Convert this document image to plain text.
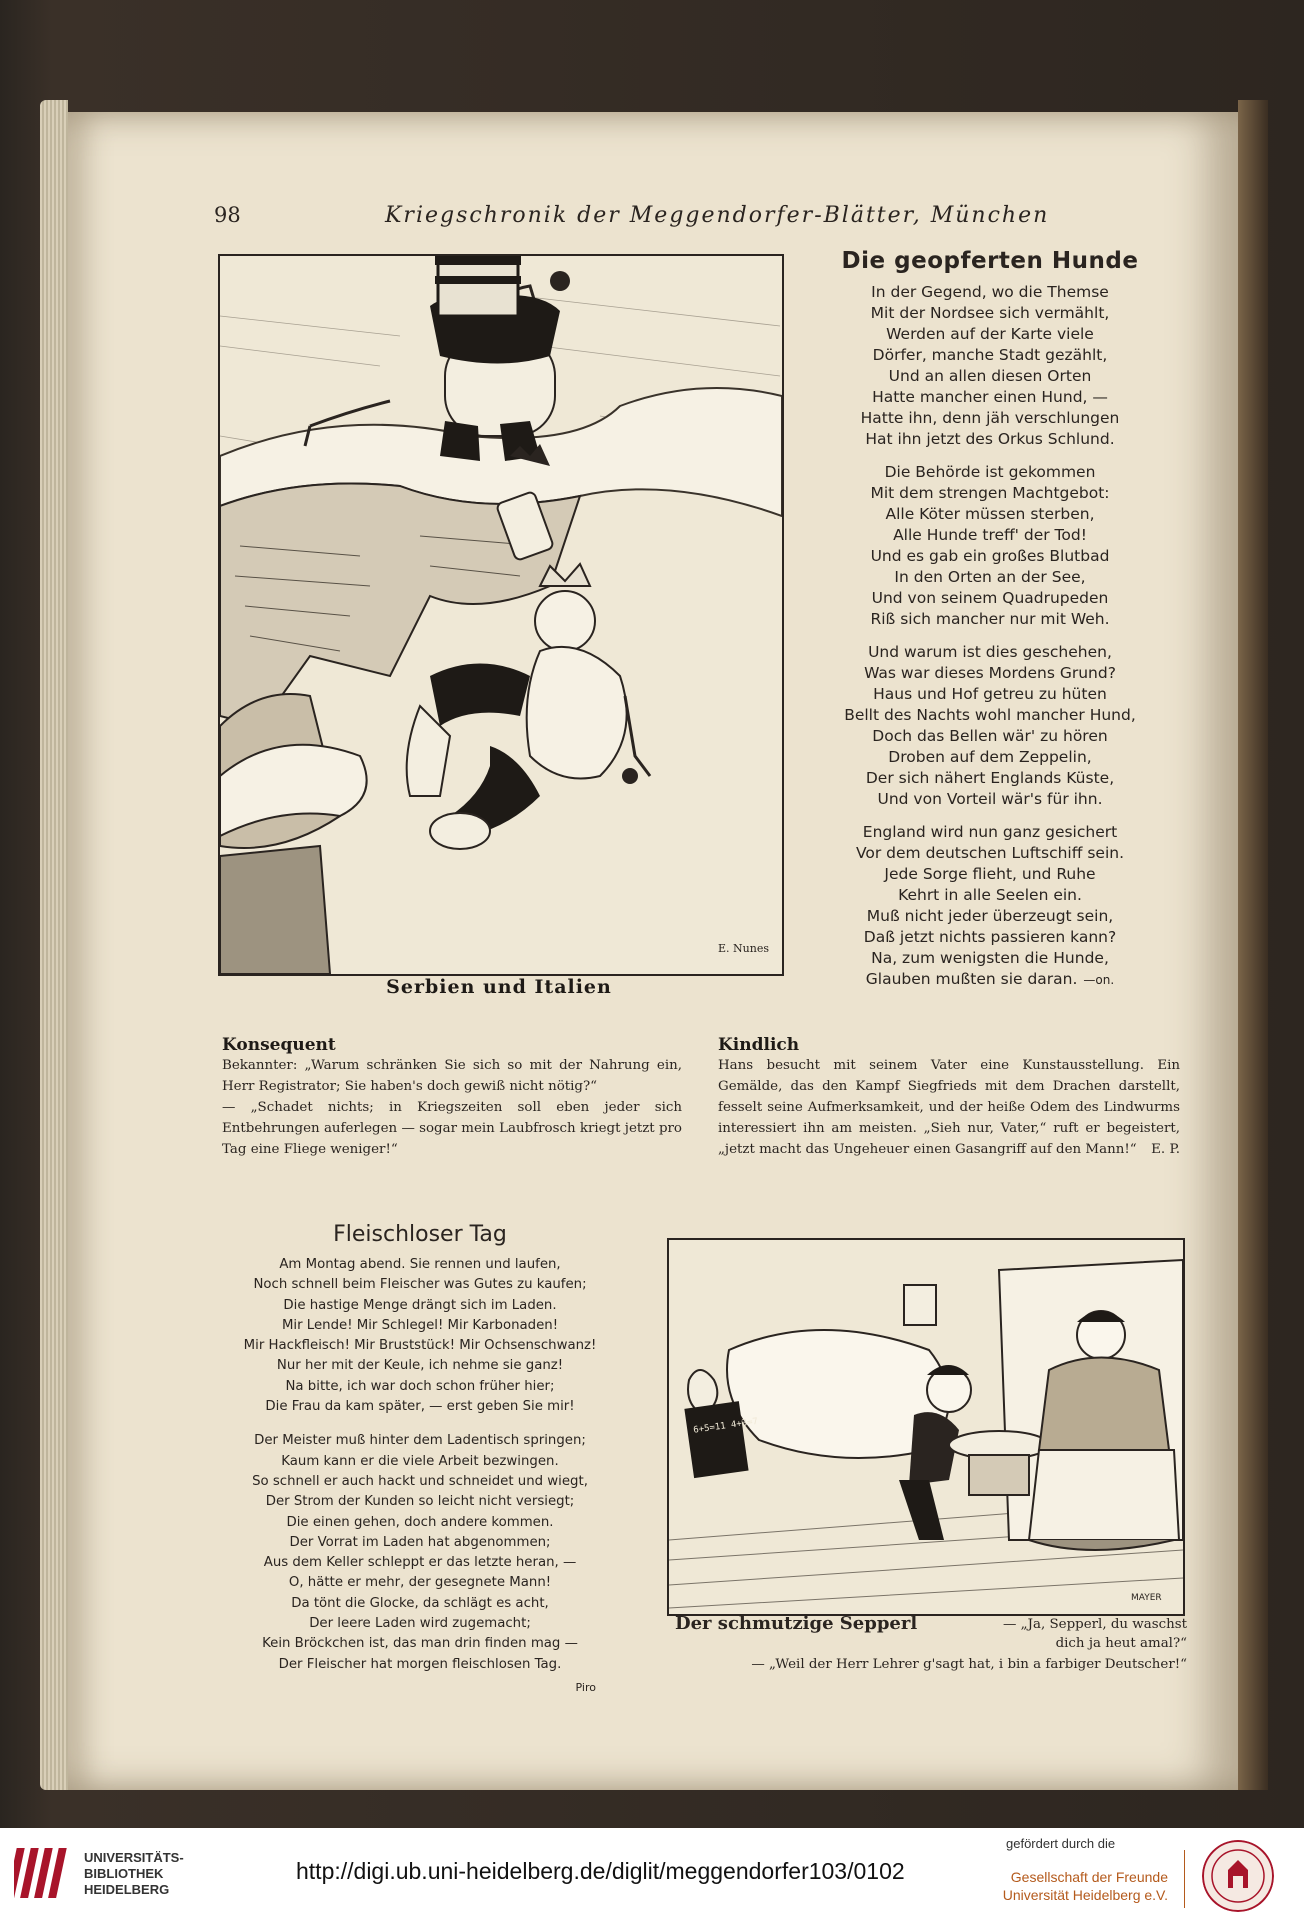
98	Kriegschronik der Meggendorfer-Blätter, München
E. Nunes
Serbien und Italien
Die geopferten Hunde
In der Gegend, wo die Themse
Mit der Nordsee sich vermählt,
Werden auf der Karte viele
Dörfer, manche Stadt gezählt,
Und an allen diesen Orten
Hatte mancher einen Hund, —
Hatte ihn, denn jäh verschlungen
Hat ihn jetzt des Orkus Schlund.
Die Behörde ist gekommen
Mit dem strengen Machtgebot:
Alle Köter müssen sterben,
Alle Hunde treff' der Tod!
Und es gab ein großes Blutbad
In den Orten an der See,
Und von seinem Quadrupeden
Riß sich mancher nur mit Weh.
Und warum ist dies geschehen,
Was war dieses Mordens Grund?
Haus und Hof getreu zu hüten
Bellt des Nachts wohl mancher Hund,
Doch das Bellen wär' zu hören
Droben auf dem Zeppelin,
Der sich nähert Englands Küste,
Und von Vorteil wär's für ihn.
England wird nun ganz gesichert
Vor dem deutschen Luftschiff sein.
Jede Sorge flieht, und Ruhe
Kehrt in alle Seelen ein.
Muß nicht jeder überzeugt sein,
Daß jetzt nichts passieren kann?
Na, zum wenigsten die Hunde,
Glauben mußten sie daran. —on.
Konsequent

Bekannter: „Warum schränken Sie sich so mit der Nahrung ein, Herr Registrator; Sie haben's doch gewiß nicht nötig?“

— „Schadet nichts; in Kriegszeiten soll eben jeder sich Entbehrungen auferlegen — sogar mein Laubfrosch kriegt jetzt pro Tag eine Fliege weniger!“

Kindlich

Hans besucht mit seinem Vater eine Kunstausstellung. Ein Gemälde, das den Kampf Siegfrieds mit dem Drachen darstellt, fesselt seine Aufmerksamkeit, und der heiße Odem des Lindwurms interessiert ihn am meisten. „Sieh nur, Vater,“ ruft er begeistert, „jetzt macht das Ungeheuer einen Gasangriff auf den Mann!“ E. P.

Fleischloser Tag
Am Montag abend. Sie rennen und laufen,
Noch schnell beim Fleischer was Gutes zu kaufen;
Die hastige Menge drängt sich im Laden.
Mir Lende! Mir Schlegel! Mir Karbonaden!
Mir Hackfleisch! Mir Bruststück! Mir Ochsenschwanz!
Nur her mit der Keule, ich nehme sie ganz!
Na bitte, ich war doch schon früher hier;
Die Frau da kam später, — erst geben Sie mir!
Der Meister muß hinter dem Ladentisch springen;
Kaum kann er die viele Arbeit bezwingen.
So schnell er auch hackt und schneidet und wiegt,
Der Strom der Kunden so leicht nicht versiegt;
Die einen gehen, doch andere kommen.
Der Vorrat im Laden hat abgenommen;
Aus dem Keller schleppt er das letzte heran, —
O, hätte er mehr, der gesegnete Mann!
Da tönt die Glocke, da schlägt es acht,
Der leere Laden wird zugemacht;
Kein Bröckchen ist, das man drin finden mag —
Der Fleischer hat morgen fleischlosen Tag.
Piro
6+5=11 4+3=7
MAYER
Der schmutzige Sepperl	— „Ja, Sepperl, du waschst dich ja heut amal?“
— „Weil der Herr Lehrer g'sagt hat, i bin a farbiger Deutscher!“
UNIVERSITÄTS-
BIBLIOTHEK
HEIDELBERG
http://digi.ub.uni-heidelberg.de/diglit/meggendorfer103/0102
gefördert durch die
Gesellschaft der Freunde
Universität Heidelberg e.V.
